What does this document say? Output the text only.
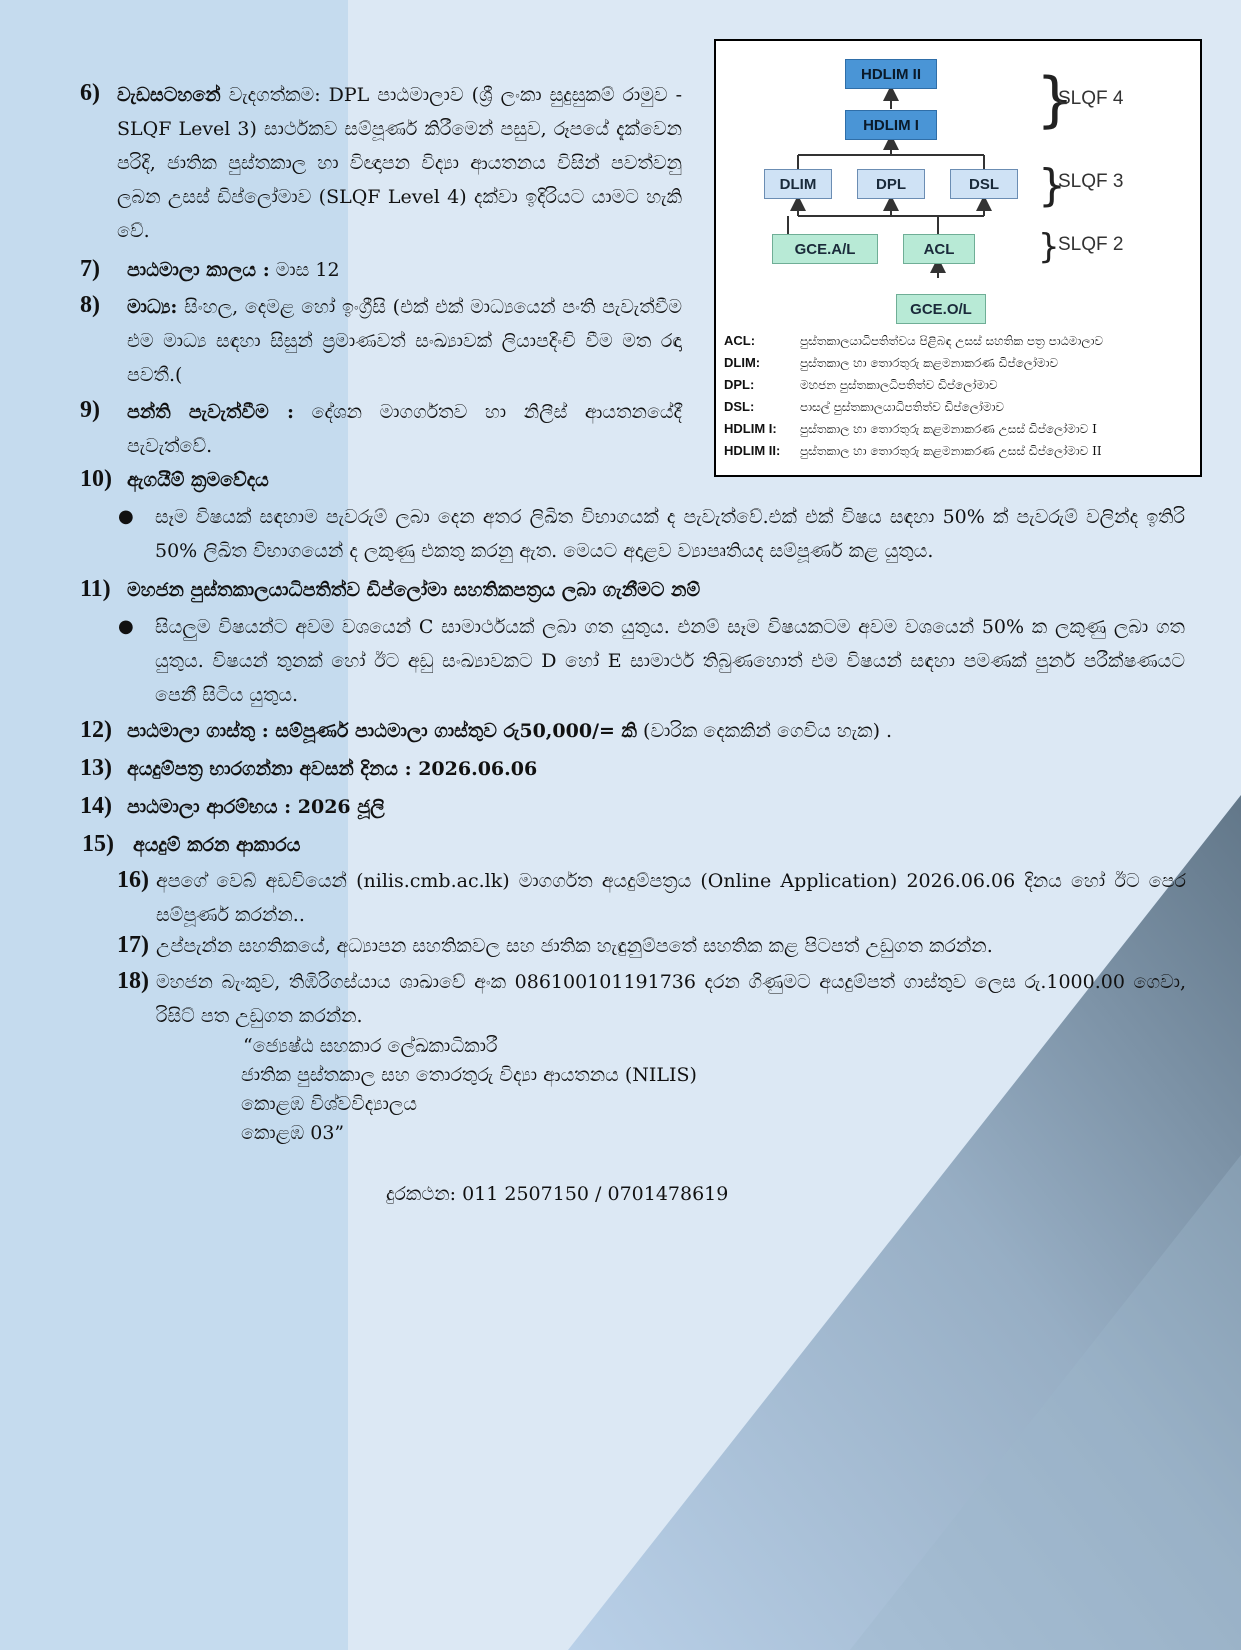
HDLIM II
HDLIM I
DLIM	DPL	DSL
GCE.A/L	ACL
GCE.O/L
}
SLQF 4
}
SLQF 3
}
SLQF 2
ACL:	පුස්තකාලයාධිපතිත්වය පිළිබඳ උසස් සහතික පත්‍ර පාඨමාලාව
DLIM:	පුස්තකාල හා තොරතුරු කළමනාකරණ ඩිප්ලෝමාව
DPL:	මහජන පුස්තකාලධිපතිත්ව ඩිප්ලෝමාව
DSL:	පාසල් පුස්තකාලයාධිපතිත්ව ඩිප්ලෝමාව
HDLIM I: පුස්තකාල හා තොරතුරු කළමනාකරණ උසස් ඩිප්ලෝමාව I
HDLIM II: පුස්තකාල හා තොරතුරු කළමනාකරණ උසස් ඩිප්ලෝමාව II
6) වැඩසටහනේ වැදගත්කම: DPL පාඨමාලාව (ශ්‍රී ලංකා සුදුසුකම් රාමුව - SLQF Level 3) සාර්ථකව සම්පූර්ණ කිරීමෙන් පසුව, රූපයේ දැක්වෙන පරිදි, ජාතික පුස්තකාල හා විඥාපන විද්‍යා ආයතනය විසින් පවත්වනු ලබන උසස් ඩිප්ලෝමාව (SLQF Level 4) දක්වා ඉදිරියට යාමට හැකි වේ.
7) පාඨමාලා කාලය : මාස 12
8) මාධ්‍ය: සිංහල, දෙමළ හෝ ඉංග්‍රීසි (එක් එක් මාධ්‍යයෙන් පංති පැවැත්වීම එම මාධ්‍ය සඳහා සිසුන් ප්‍රමාණවත් සංඛ්‍යාවක් ලියාපදිංචි වීම මත රඳා පවතී.(
9) පන්ති පැවැත්වීම : දේශන මාගර්ගතව හා නිලීස් ආයතනයේදී පැවැත්වේ.
10) ඇගයීම් ක්‍රමවේදය
● සෑම විෂයක් සඳහාම පැවරුම් ලබා දෙන අතර ලිඛිත විභාගයක් ද පැවැත්වේ.එක් එක් විෂය සඳහා 50% ක් පැවරුම් වලින්ද ඉතිරි 50% ලිඛිත විභාගයෙන් ද ලකුණු එකතු කරනු ඇත. මෙයට අදාළව ව්‍යාපෘතියද සම්පූර්ණ කළ යුතුය.
11) මහජන පුස්තකාලයාධිපතිත්ව ඩිප්ලෝමා සහතිකපත්‍රය ලබා ගැනීමට නම්
● සියලුම විෂයන්ට අවම වශයෙන් C සාමාර්ථයක් ලබා ගත යුතුය. එනම් සෑම විෂයකටම අවම වශයෙන් 50% ක ලකුණු ලබා ගත යුතුය. විෂයන් තුනක් හෝ ඊට අඩු සංඛ්‍යාවකට D හෝ E සාමාර්ථ තිබුණහොත් එම විෂයන් සඳහා පමණක් පුනර් පරීක්ෂණයට පෙනී සිටිය යුතුය.
12) පාඨමාලා ගාස්තු : සම්පූර්ණ පාඨමාලා ගාස්තුව රු50,000/= කි (වාරික දෙකකින් ගෙවිය හැක) .
13) අයදුම්පත්‍ර භාරගන්නා අවසන් දිනය : 2026.06.06
14) පාඨමාලා ආරම්භය : 2026 ජූලි
15) අයදුම් කරන ආකාරය
16) අපගේ වෙබ් අඩවියෙන් (nilis.cmb.ac.lk) මාගර්ගත අයදුම්පත්‍රය (Online Application) 2026.06.06 දිනය හෝ ඊට පෙර සම්පූර්ණ කරන්න..
17) උප්පැන්න සහතිකයේ, අධ්‍යාපන සහතිකවල සහ ජාතික හැඳුනුම්පතේ සහතික කළ පිටපත් උඩුගත කරන්න.
18) මහජන බැංකුව, තිඹිරිගස්යාය ශාඛාවේ අංක 086100101191736 දරන ගිණුමට අයදුම්පත් ගාස්තුව ලෙස රු.1000.00 ගෙවා, රිසිට් පත උඩුගත කරන්න.
“ජ්‍යෙෂ්ඨ සහකාර ලේඛකාධිකාරී
ජාතික පුස්තකාල සහ තොරතුරු විද්‍යා ආයතනය (NILIS)
කොළඹ විශ්වවිද්‍යාලය
කොළඹ 03”
දුරකථන: 011 2507150 / 0701478619
